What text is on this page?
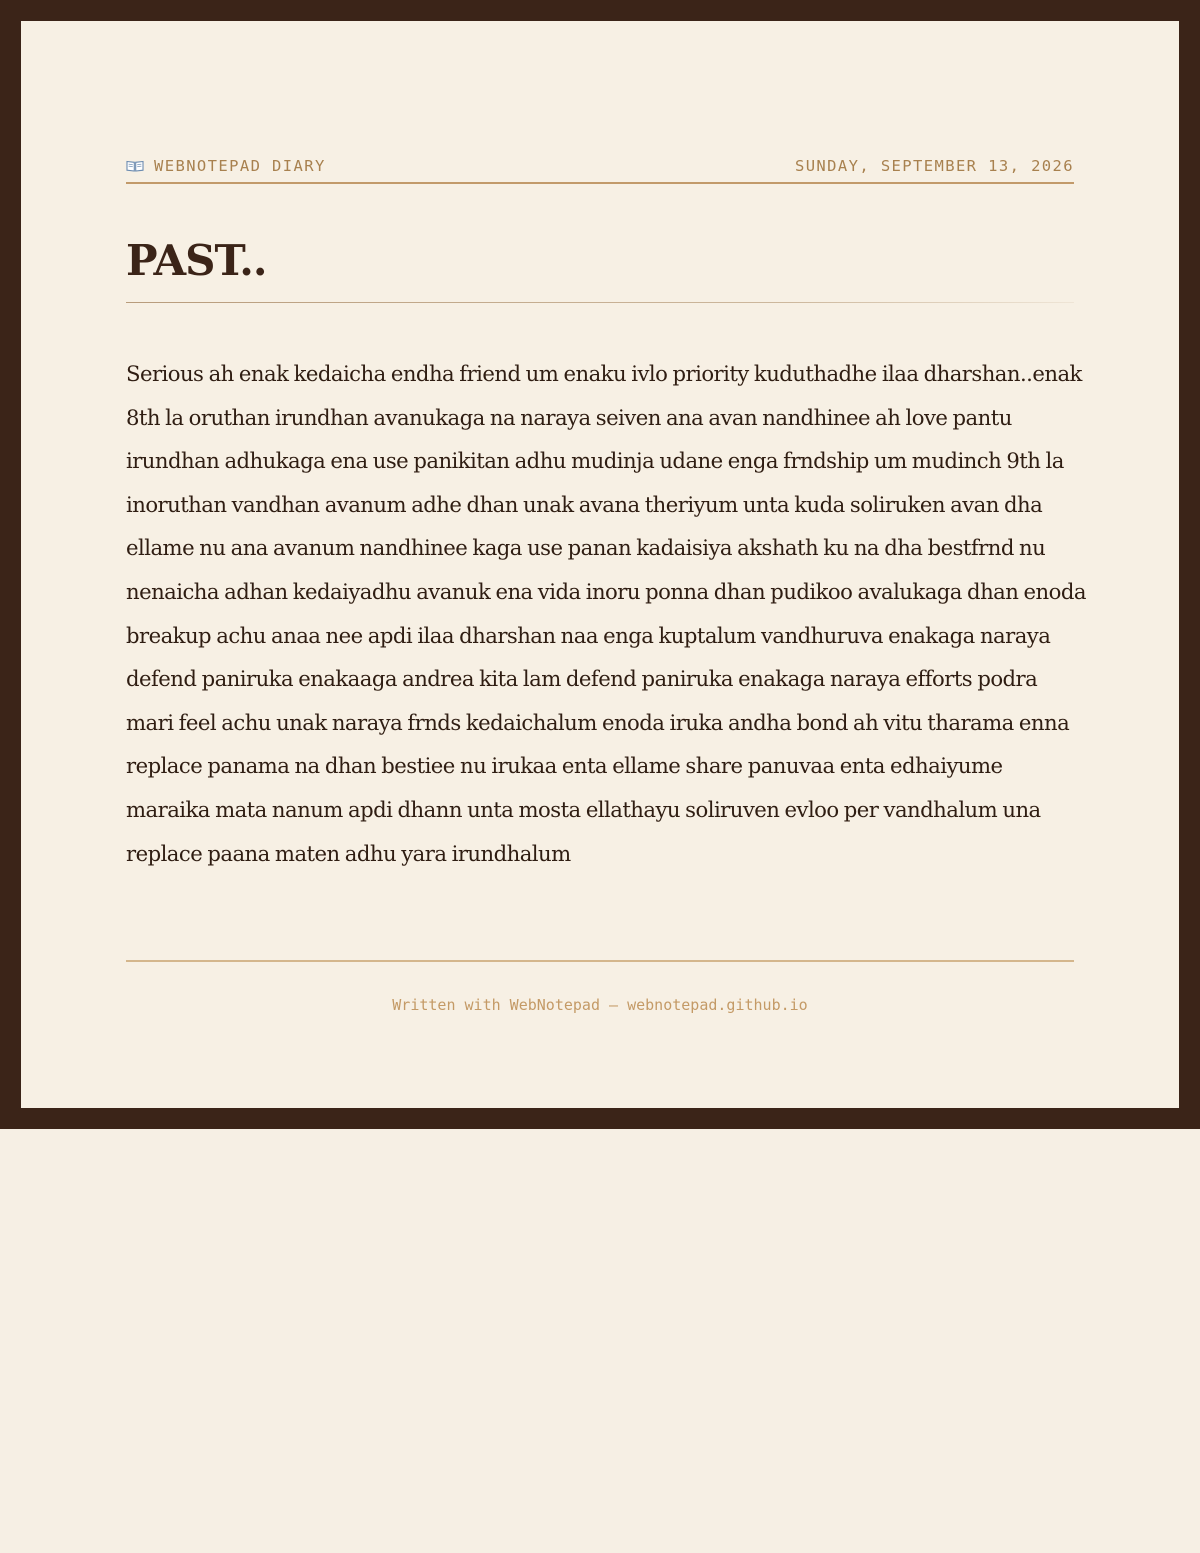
WEBNOTEPAD DIARY	SUNDAY, SEPTEMBER 13, 2026
PAST..

Serious ah enak kedaicha endha friend um enaku ivlo priority kuduthadhe ilaa dharshan..enak 8th la oruthan irundhan avanukaga na naraya seiven ana avan nandhinee ah love pantu irundhan adhukaga ena use panikitan adhu mudinja udane enga frndship um mudinch 9th la inoruthan vandhan avanum adhe dhan unak avana theriyum unta kuda soliruken avan dha ellame nu ana avanum nandhinee kaga use panan kadaisiya akshath ku na dha bestfrnd nu nenaicha adhan kedaiyadhu avanuk ena vida inoru ponna dhan pudikoo avalukaga dhan enoda breakup achu anaa nee apdi ilaa dharshan naa enga kuptalum vandhuruva enakaga naraya defend paniruka enakaaga andrea kita lam defend paniruka enakaga naraya efforts podra mari feel achu unak naraya frnds kedaichalum enoda iruka andha bond ah vitu tharama enna replace panama na dhan bestiee nu irukaa enta ellame share panuvaa enta edhaiyume maraika mata nanum apdi dhann unta mosta ellathayu soliruven evloo per vandhalum una replace paana maten adhu yara irundhalum

Written with WebNotepad — webnotepad.github.io
